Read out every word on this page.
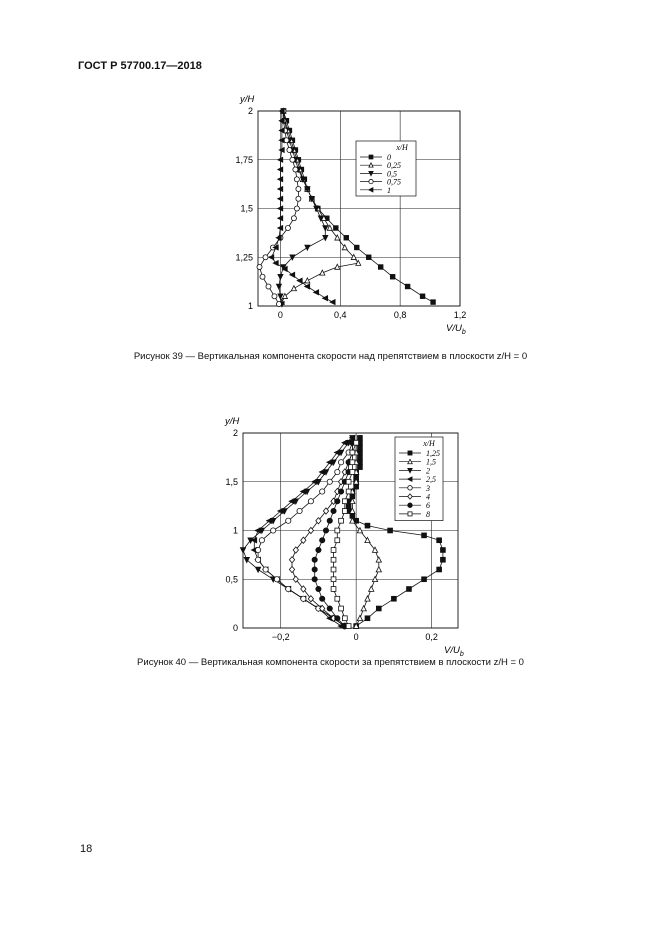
ГОСТ Р 57700.17—2018
0	0,4	0,8	1,2
1
1,25
1,5
1,75
2
y/H
$V/U_b$
x/H
0
0,25
0,5
0,75
1
−0,2	0	0,2
0
0,5
1
1,5
2
y/H
$V/U_b$
x/H
1,25
1,5
2
2,5
3
4
6
8
Рисунок 39 — Вертикальная компонента скорости над препятствием в плоскости z/H = 0
Рисунок 40 — Вертикальная компонента скорости за препятствием в плоскости z/H = 0
18
